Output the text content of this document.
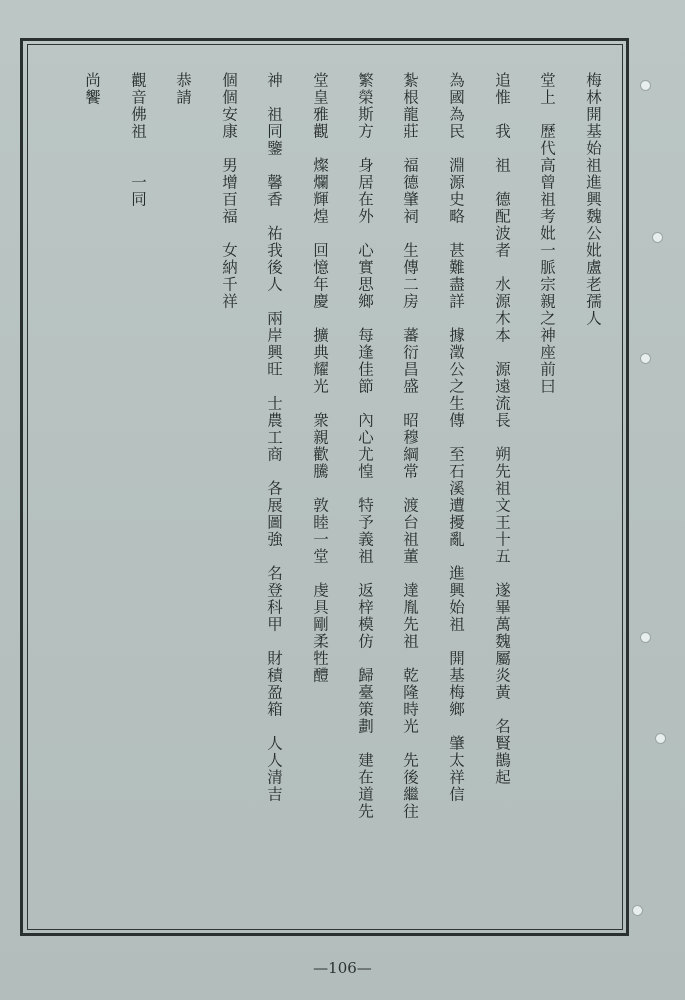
梅林開基始祖進興魏公妣盧老孺人
堂上　歷代高曾祖考妣一脈宗親之神座前曰
追惟　我　祖　德配波者　水源木本　源遠流長　朔先祖文王十五　遂畢萬魏屬炎黃　名賢鵲起
為國為民　淵源史略　甚難盡詳　據澂公之生傳　至石溪遭擾亂　進興始祖　開基梅鄉　肇太祥信
紮根龍莊　福德肇祠　生傳二房　蕃衍昌盛　昭穆綱常　渡台祖董　達胤先祖　乾隆時光　先後繼往
繁榮斯方　身居在外　心實思鄉　每逢佳節　內心尤惶　特予義祖　返梓模仿　歸臺策劃　建在道先
堂皇雅觀　燦爛輝煌　回憶年慶　擴典耀光　衆親歡騰　敦睦一堂　虔具剛柔牲醴
神　祖同鑒　馨香　祐我後人　兩岸興旺　士農工商　各展圖強　名登科甲　財積盈箱　人人清吉
個個安康　男增百福　女納千祥
恭請
觀音佛祖　　一同
尚饗
—106—
